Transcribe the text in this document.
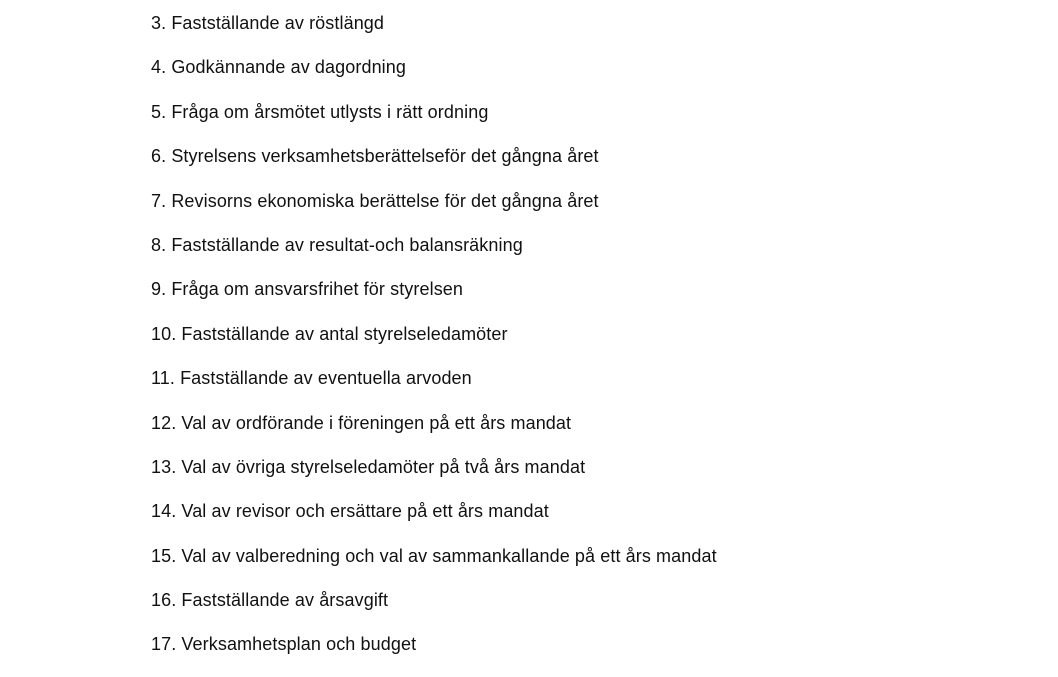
3. Fastställande av röstlängd
4. Godkännande av dagordning
5. Fråga om årsmötet utlysts i rätt ordning
6. Styrelsens verksamhetsberättelseför det gångna året
7. Revisorns ekonomiska berättelse för det gångna året
8. Fastställande av resultat-och balansräkning
9. Fråga om ansvarsfrihet för styrelsen
10. Fastställande av antal styrelseledamöter
11. Fastställande av eventuella arvoden
12. Val av ordförande i föreningen på ett års mandat
13. Val av övriga styrelseledamöter på två års mandat
14. Val av revisor och ersättare på ett års mandat
15. Val av valberedning och val av sammankallande på ett års mandat
16. Fastställande av årsavgift
17. Verksamhetsplan och budget
